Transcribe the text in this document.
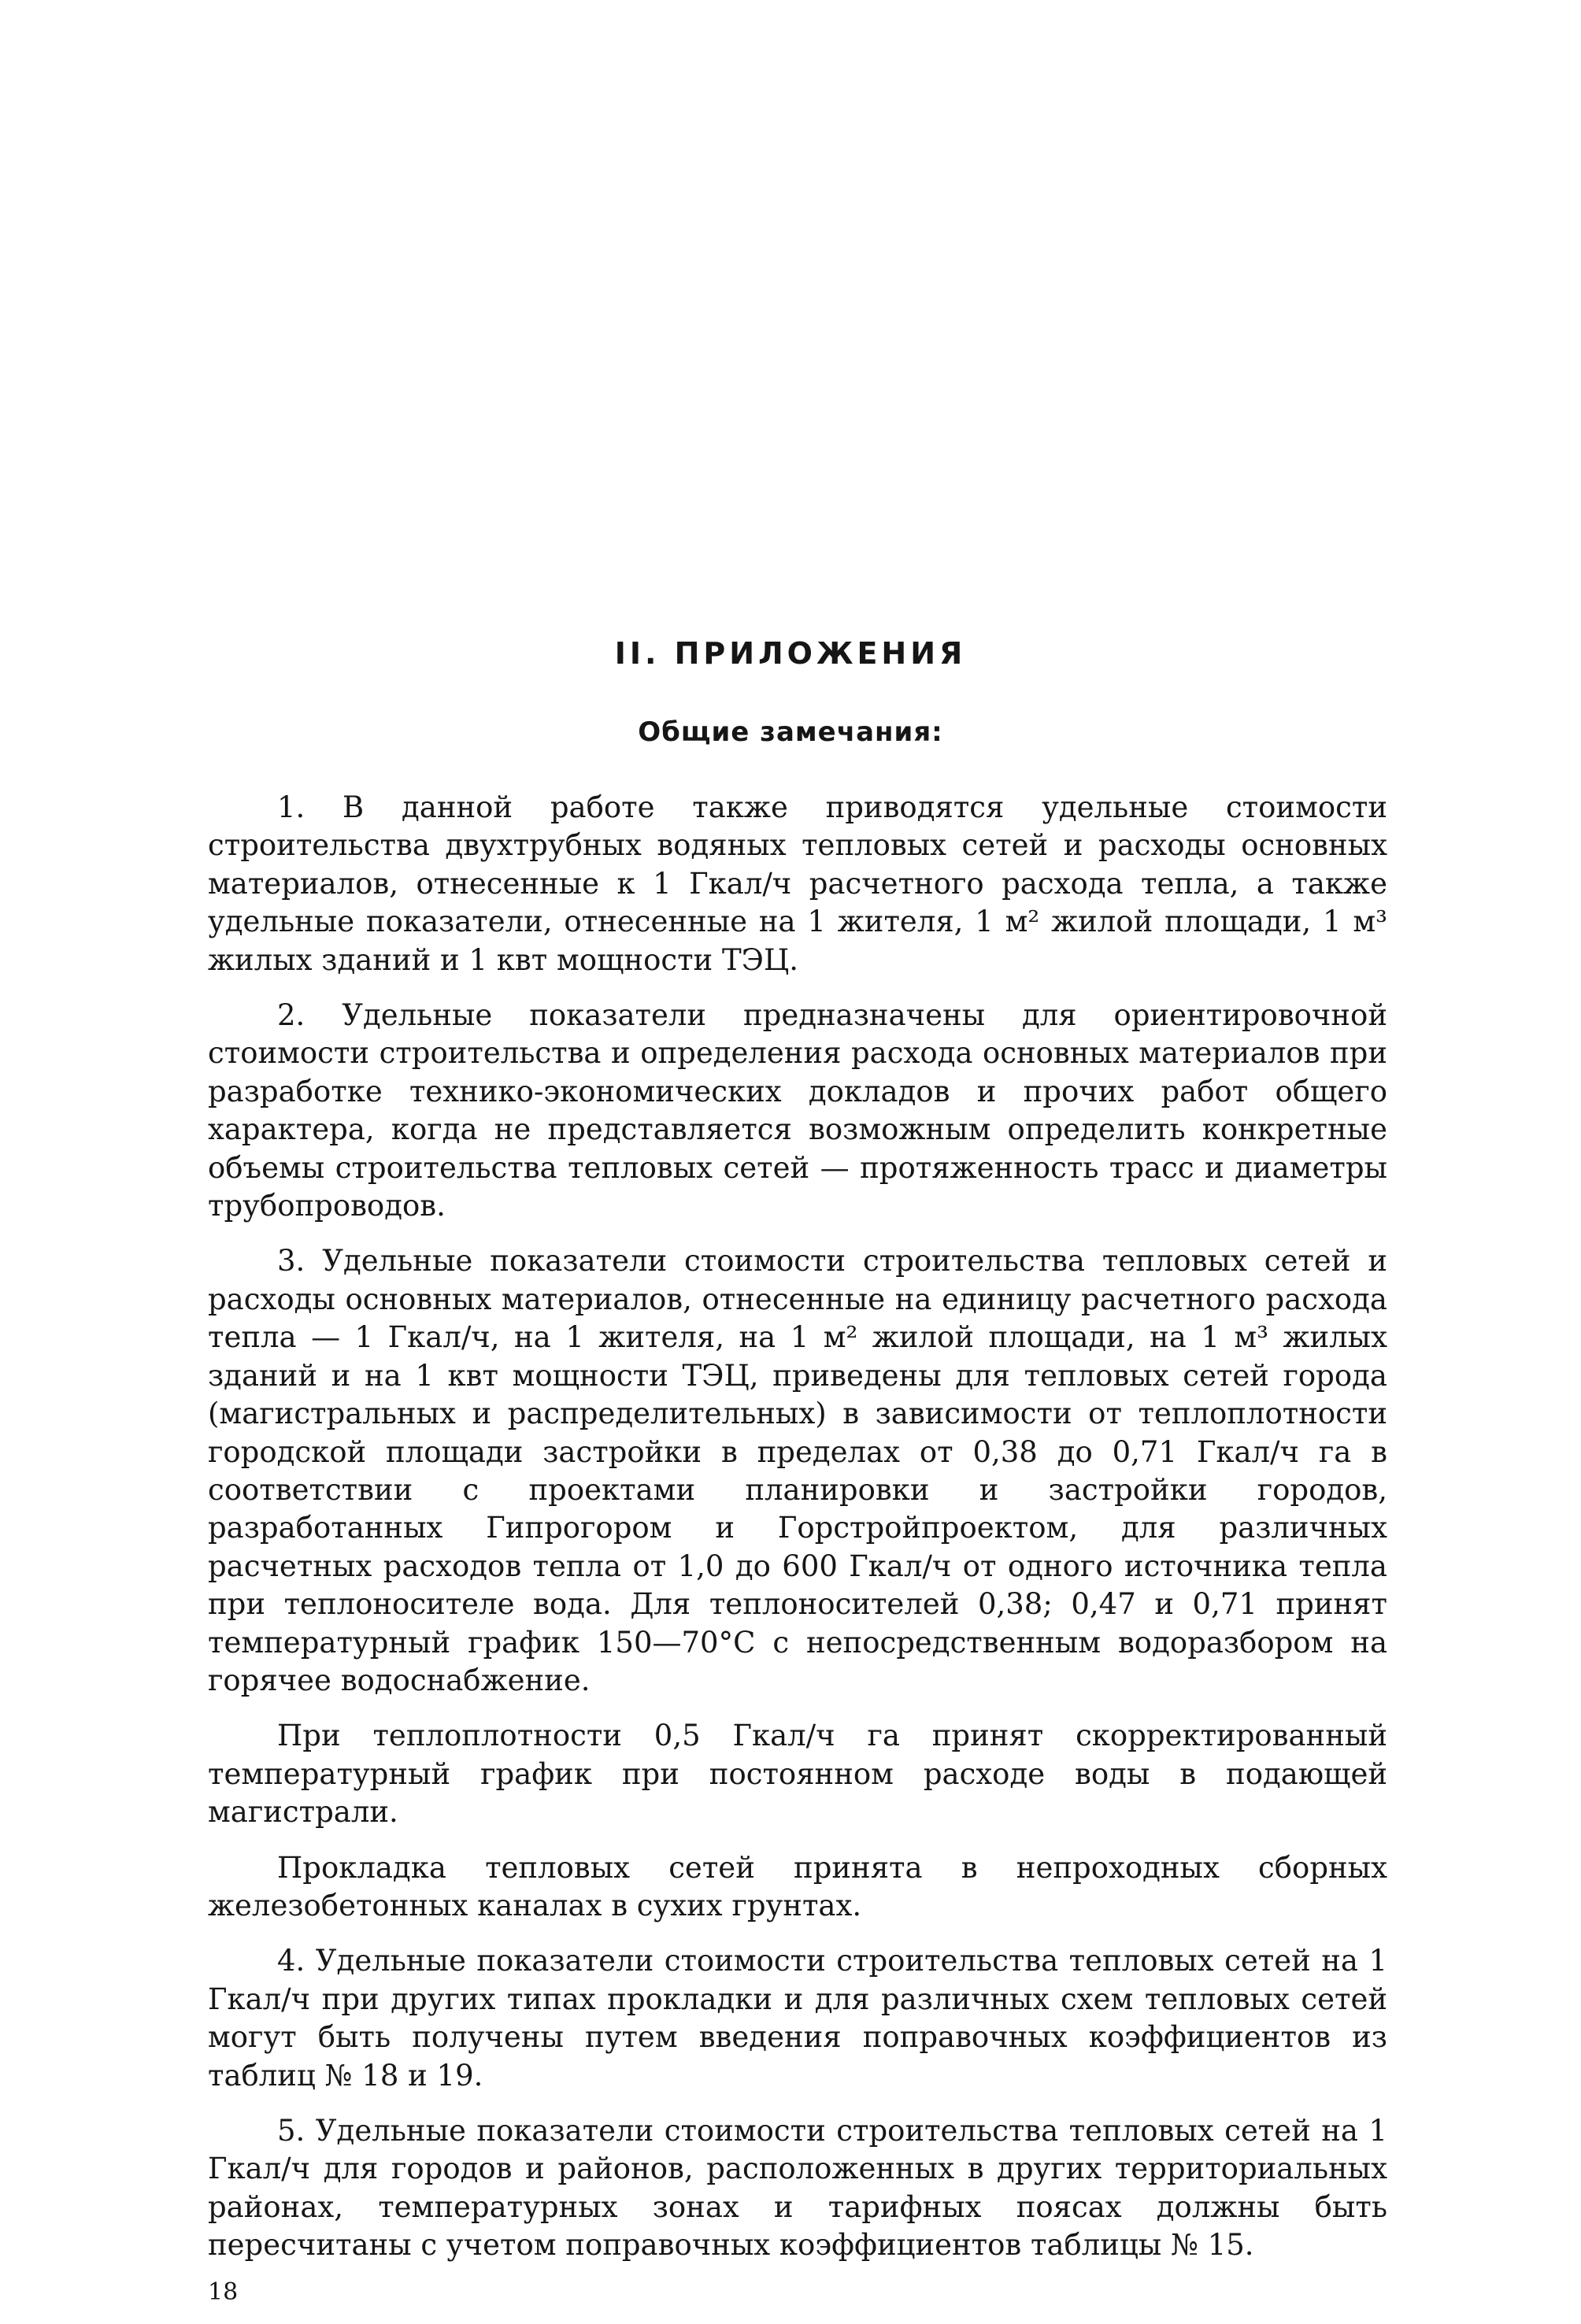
II. ПРИЛОЖЕНИЯ
Общие замечания:

1. В данной работе также приводятся удельные стоимости строительства двухтрубных водяных тепловых сетей и расходы основных материалов, отнесенные к 1 Гкал/ч расчетного расхода тепла, а также удельные показатели, отнесенные на 1 жителя, 1 м² жилой площади, 1 м³ жилых зданий и 1 квт мощности ТЭЦ.

2. Удельные показатели предназначены для ориентировочной стоимости строительства и определения расхода основных материалов при разработке технико-экономических докладов и прочих работ общего характера, когда не представляется возможным определить конкретные объемы строительства тепловых сетей — протяженность трасс и диаметры трубопроводов.

3. Удельные показатели стоимости строительства тепловых сетей и расходы основных материалов, отнесенные на единицу расчетного расхода тепла — 1 Гкал/ч, на 1 жителя, на 1 м² жилой площади, на 1 м³ жилых зданий и на 1 квт мощности ТЭЦ, приведены для тепловых сетей города (магистральных и распределительных) в зависимости от теплоплотности городской площади застройки в пределах от 0,38 до 0,71 Гкал/ч га в соответствии с проектами планировки и застройки городов, разработанных Гипрогором и Горстройпроектом, для различных расчетных расходов тепла от 1,0 до 600 Гкал/ч от одного источника тепла при теплоносителе вода. Для теплоносителей 0,38; 0,47 и 0,71 принят температурный график 150—70°С с непосредственным водоразбором на горячее водоснабжение.

При теплоплотности 0,5 Гкал/ч га принят скорректированный температурный график при постоянном расходе воды в подающей магистрали.

Прокладка тепловых сетей принята в непроходных сборных железобетонных каналах в сухих грунтах.

4. Удельные показатели стоимости строительства тепловых сетей на 1 Гкал/ч при других типах прокладки и для различных схем тепловых сетей могут быть получены путем введения поправочных коэффициентов из таблиц № 18 и 19.

5. Удельные показатели стоимости строительства тепловых сетей на 1 Гкал/ч для городов и районов, расположенных в других территориальных районах, температурных зонах и тарифных поясах должны быть пересчитаны с учетом поправочных коэффициентов таблицы № 15.

18
